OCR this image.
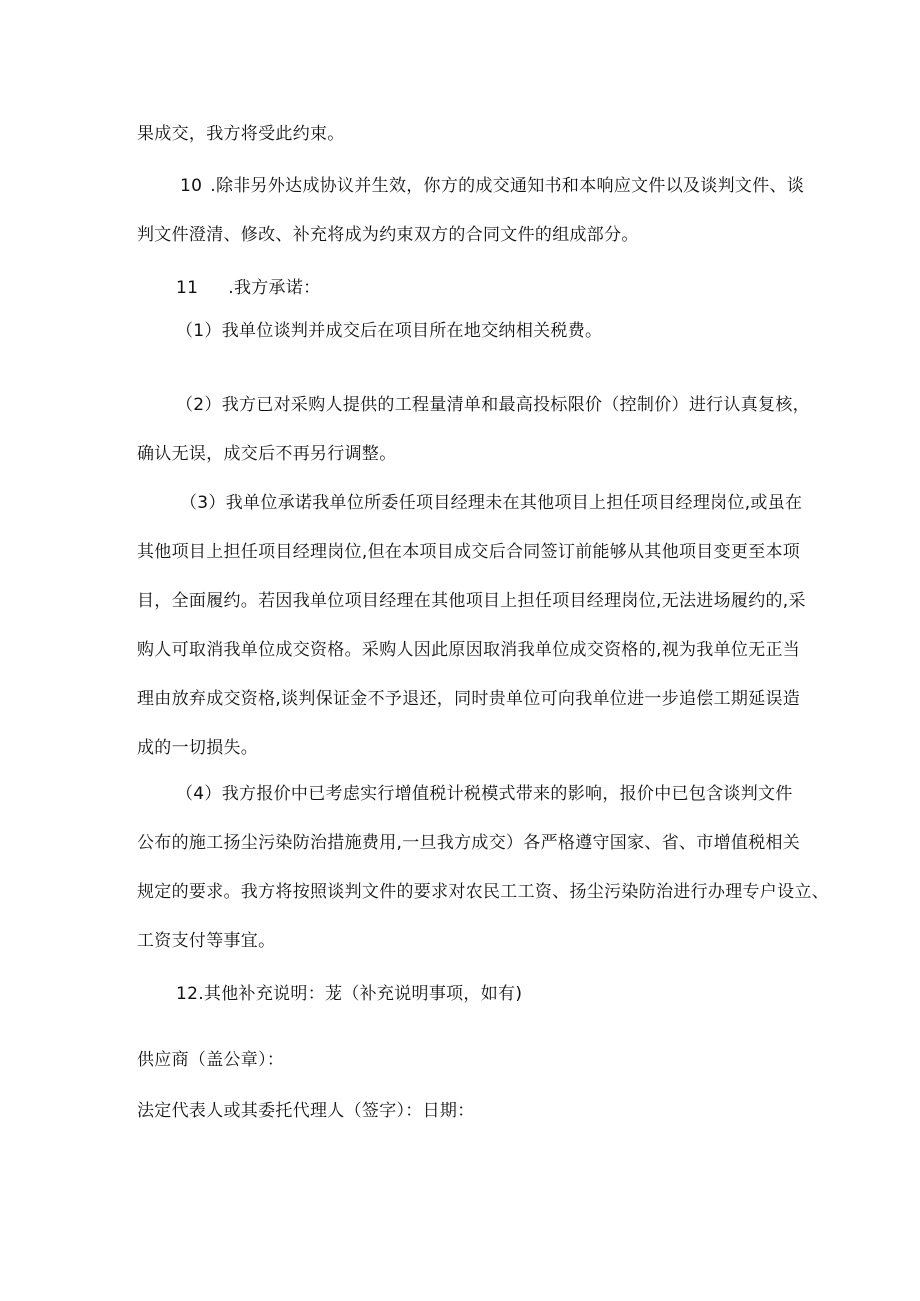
果成交，我方将受此约束。
10 .除非另外达成协议并生效，你方的成交通知书和本响应文件以及谈判文件、谈
判文件澄清、修改、补充将成为约束双方的合同文件的组成部分。
11 .我方承诺：
（1）我单位谈判并成交后在项目所在地交纳相关税费。
（2）我方已对采购人提供的工程量清单和最高投标限价（控制价）进行认真复核，
确认无误，成交后不再另行调整。
（3）我单位承诺我单位所委任项目经理未在其他项目上担任项目经理岗位,或虽在
其他项目上担任项目经理岗位,但在本项目成交后合同签订前能够从其他项目变更至本项
目，全面履约。若因我单位项目经理在其他项目上担任项目经理岗位,无法进场履约的,采
购人可取消我单位成交资格。采购人因此原因取消我单位成交资格的,视为我单位无正当
理由放弃成交资格,谈判保证金不予退还，同时贵单位可向我单位进一步追偿工期延误造
成的一切损失。
（4）我方报价中已考虑实行增值税计税模式带来的影响，报价中已包含谈判文件
公布的施工扬尘污染防治措施费用,一旦我方成交）各严格遵守国家、省、市增值税相关
规定的要求。我方将按照谈判文件的要求对农民工工资、扬尘污染防治进行办理专户设立、
工资支付等事宜。
12.其他补充说明：茏（补充说明事项，如有)
供应商（盖公章）：
法定代表人或其委托代理人（签字）：日期：
